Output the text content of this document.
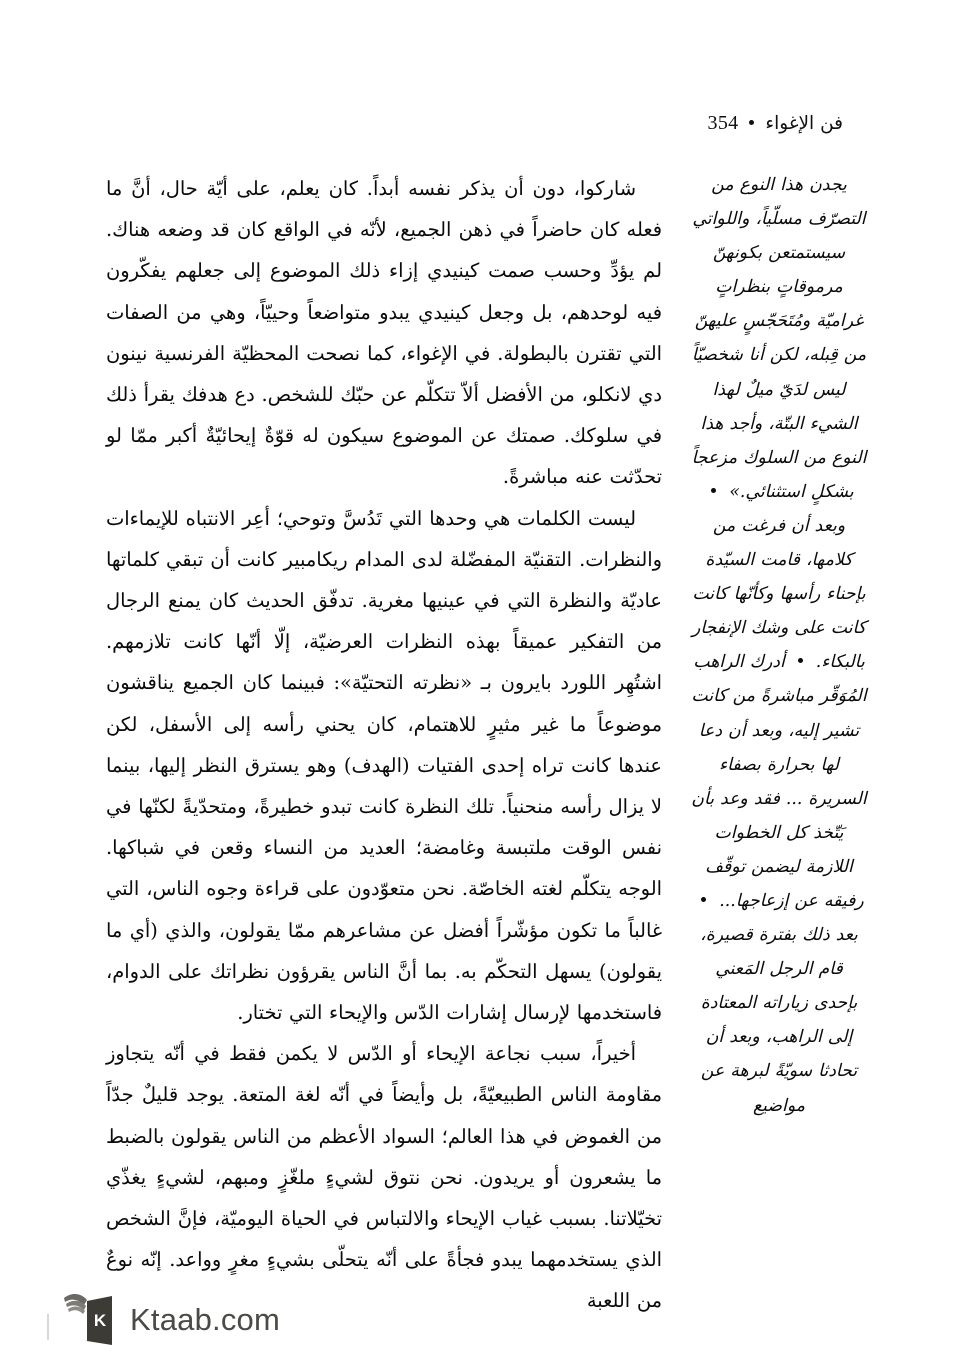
فن الإغواء
354

شاركوا، دون أن يذكر نفسه أبداً. كان يعلم، على أيّة حال، أنَّ ما فعله كان حاضراً في ذهن الجميع، لأنّه في الواقع كان قد وضعه هناك. لم يؤدِّ وحسب صمت كينيدي إزاء ذلك الموضوع إلى جعلهم يفكّرون فيه لوحدهم، بل وجعل كينيدي يبدو متواضعاً وحييّاً، وهي من الصفات التي تقترن بالبطولة. في الإغواء، كما نصحت المحظيّة الفرنسية نينون دي لانكلو، من الأفضل ألاّ تتكلّم عن حبّك للشخص. دع هدفك يقرأ ذلك في سلوكك. صمتك عن الموضوع سيكون له قوّةٌ إيحائيّةٌ أكبر ممّا لو تحدّثت عنه مباشرةً.

ليست الكلمات هي وحدها التي تَدُسَّ وتوحي؛ أعِر الانتباه للإيماءات والنظرات. التقنيّة المفضّلة لدى المدام ريكامبير كانت أن تبقي كلماتها عاديّة والنظرة التي في عينيها مغرية. تدفّق الحديث كان يمنع الرجال من التفكير عميقاً بهذه النظرات العرضيّة، إلّا أنّها كانت تلازمهم. اشتُهِر اللورد بايرون بـ «نظرته التحتيّة»: فبينما كان الجميع يناقشون موضوعاً ما غير مثيرٍ للاهتمام، كان يحني رأسه إلى الأسفل، لكن عندها كانت تراه إحدى الفتيات (الهدف) وهو يسترق النظر إليها، بينما لا يزال رأسه منحنياً. تلك النظرة كانت تبدو خطيرةً، ومتحدّيةً لكنّها في نفس الوقت ملتبسة وغامضة؛ العديد من النساء وقعن في شباكها. الوجه يتكلّم لغته الخاصّة. نحن متعوّدون على قراءة وجوه الناس، التي غالباً ما تكون مؤشّراً أفضل عن مشاعرهم ممّا يقولون، والذي (أي ما يقولون) يسهل التحكّم به. بما أنَّ الناس يقرؤون نظراتك على الدوام، فاستخدمها لإرسال إشارات الدّس والإيحاء التي تختار.

أخيراً، سبب نجاعة الإيحاء أو الدّس لا يكمن فقط في أنّه يتجاوز مقاومة الناس الطبيعيّةً، بل وأيضاً في أنّه لغة المتعة. يوجد قليلٌ جدّاً من الغموض في هذا العالم؛ السواد الأعظم من الناس يقولون بالضبط ما يشعرون أو يريدون. نحن نتوق لشيءٍ ملغّزٍ ومبهم، لشيءٍ يغذّي تخيّلاتنا. بسبب غياب الإيحاء والالتباس في الحياة اليوميّة، فإنَّ الشخص الذي يستخدمهما يبدو فجأةً على أنّه يتحلّى بشيءٍ مغرٍ وواعد. إنّه نوعٌ من اللعبة

يجدن هذا النوع من التصرّف مسلّياً، واللواتي سيستمتعن بكونهنّ مرموقاتٍ بنظراتٍ غراميّة ومُتَحَجّسٍ عليهنّ من قِبله، لكن أنا شخصيّاً ليس لدَيّ ميلٌ لهذا الشيء البتّة، وأجد هذا النوع من السلوك مزعجاً بشكلٍ استثنائي.»  وبعد أن فرغت من كلامها، قامت السيّدة بإحناء رأسها وكأنّها كانت كانت على وشك الإنفجار بالبكاء.  أدرك الراهب المُوَقّر مباشرةً من كانت تشير إليه، وبعد أن دعا لها بحرارة بصفاء السريرة ... فقد وعد بأن يَتّخذ كل الخطوات اللازمة ليضمن توقّف رفيقه عن إزعاجها...  بعد ذلك بفترة قصيرة، قام الرجل المَعني بإحدى زياراته المعتادة إلى الراهب، وبعد أن تحادثا سويّةً لبرهة عن مواضيع

K Ktaab.com
